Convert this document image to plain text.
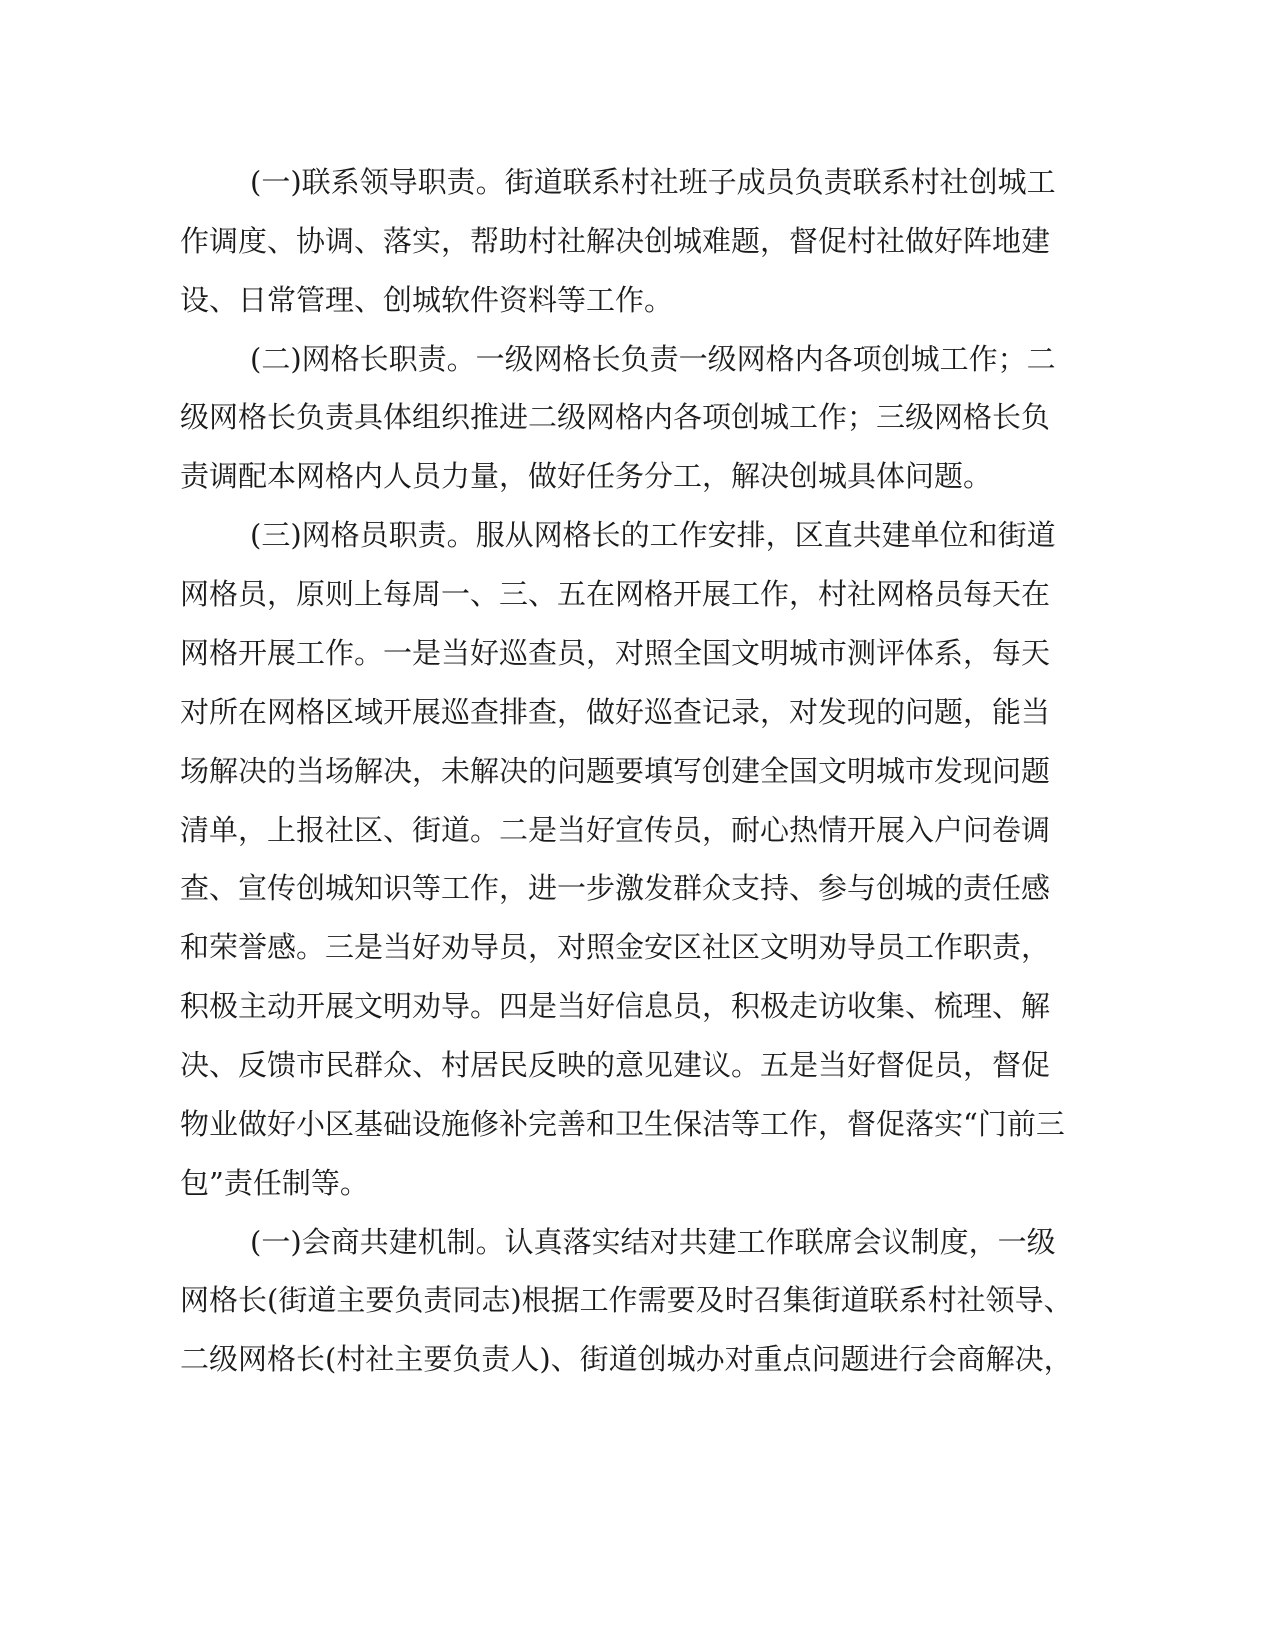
(一)联系领导职责。街道联系村社班子成员负责联系村社创城工

作调度、协调、落实，帮助村社解决创城难题，督促村社做好阵地建

设、日常管理、创城软件资料等工作。

(二)网格长职责。一级网格长负责一级网格内各项创城工作；二

级网格长负责具体组织推进二级网格内各项创城工作；三级网格长负

责调配本网格内人员力量，做好任务分工，解决创城具体问题。

(三)网格员职责。服从网格长的工作安排，区直共建单位和街道

网格员，原则上每周一、三、五在网格开展工作，村社网格员每天在

网格开展工作。一是当好巡查员，对照全国文明城市测评体系，每天

对所在网格区域开展巡查排查，做好巡查记录，对发现的问题，能当

场解决的当场解决，未解决的问题要填写创建全国文明城市发现问题

清单，上报社区、街道。二是当好宣传员，耐心热情开展入户问卷调

查、宣传创城知识等工作，进一步激发群众支持、参与创城的责任感

和荣誉感。三是当好劝导员，对照金安区社区文明劝导员工作职责，

积极主动开展文明劝导。四是当好信息员，积极走访收集、梳理、解

决、反馈市民群众、村居民反映的意见建议。五是当好督促员，督促

物业做好小区基础设施修补完善和卫生保洁等工作，督促落实“门前三

包”责任制等。

(一)会商共建机制。认真落实结对共建工作联席会议制度，一级

网格长(街道主要负责同志)根据工作需要及时召集街道联系村社领导、

二级网格长(村社主要负责人)、街道创城办对重点问题进行会商解决，
